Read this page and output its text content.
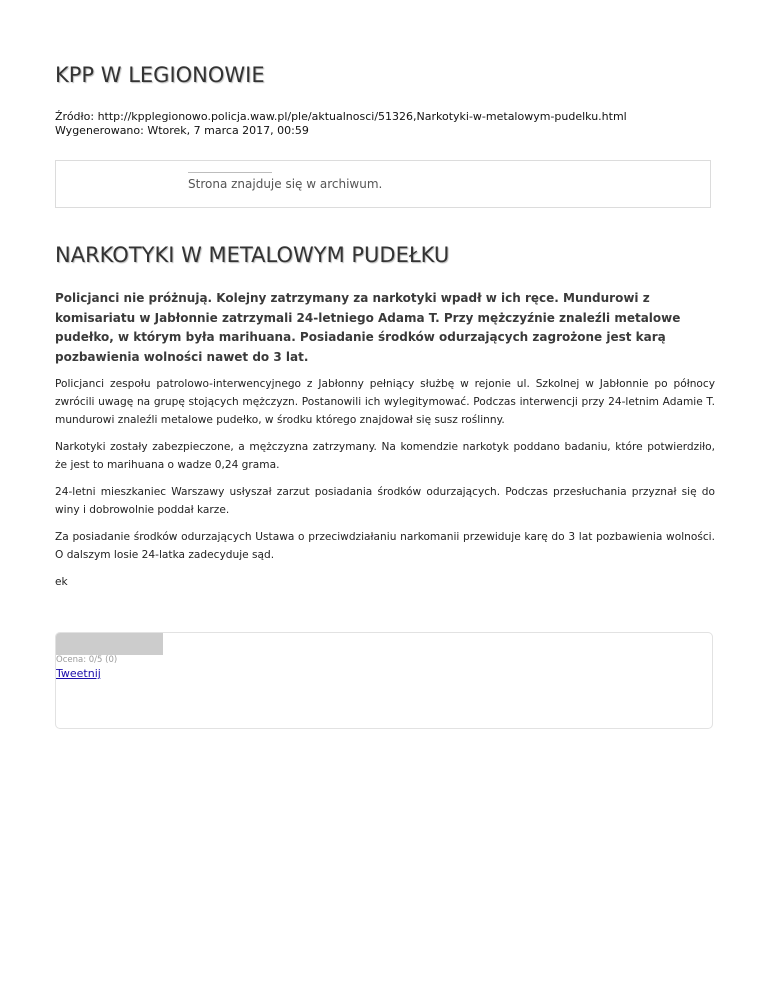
KPP W LEGIONOWIE
Źródło: http://kpplegionowo.policja.waw.pl/ple/aktualnosci/51326,Narkotyki-w-metalowym-pudelku.html
Wygenerowano: Wtorek, 7 marca 2017, 00:59
Strona znajduje się w archiwum.
NARKOTYKI W METALOWYM PUDEŁKU

Policjanci nie próżnują. Kolejny zatrzymany za narkotyki wpadł w ich ręce. Mundurowi z komisariatu w Jabłonnie zatrzymali 24-letniego Adama T. Przy mężczyźnie znaleźli metalowe pudełko, w którym była marihuana. Posiadanie środków odurzających zagrożone jest karą pozbawienia wolności nawet do 3 lat.

Policjanci zespołu patrolowo-interwencyjnego z Jabłonny pełniący służbę w rejonie ul. Szkolnej w Jabłonnie po północy zwrócili uwagę na grupę stojących mężczyzn. Postanowili ich wylegitymować. Podczas interwencji przy 24-letnim Adamie T. mundurowi znaleźli metalowe pudełko, w środku którego znajdował się susz roślinny.

Narkotyki zostały zabezpieczone, a mężczyzna zatrzymany. Na komendzie narkotyk poddano badaniu, które potwierdziło, że jest to marihuana o wadze 0,24 grama.

24-letni mieszkaniec Warszawy usłyszał zarzut posiadania środków odurzających. Podczas przesłuchania przyznał się do winy i dobrowolnie poddał karze.

Za posiadanie środków odurzających Ustawa o przeciwdziałaniu narkomanii przewiduje karę do 3 lat pozbawienia wolności. O dalszym losie 24-latka zadecyduje sąd.

ek

Ocena: 0/5 (0)
Tweetnij
